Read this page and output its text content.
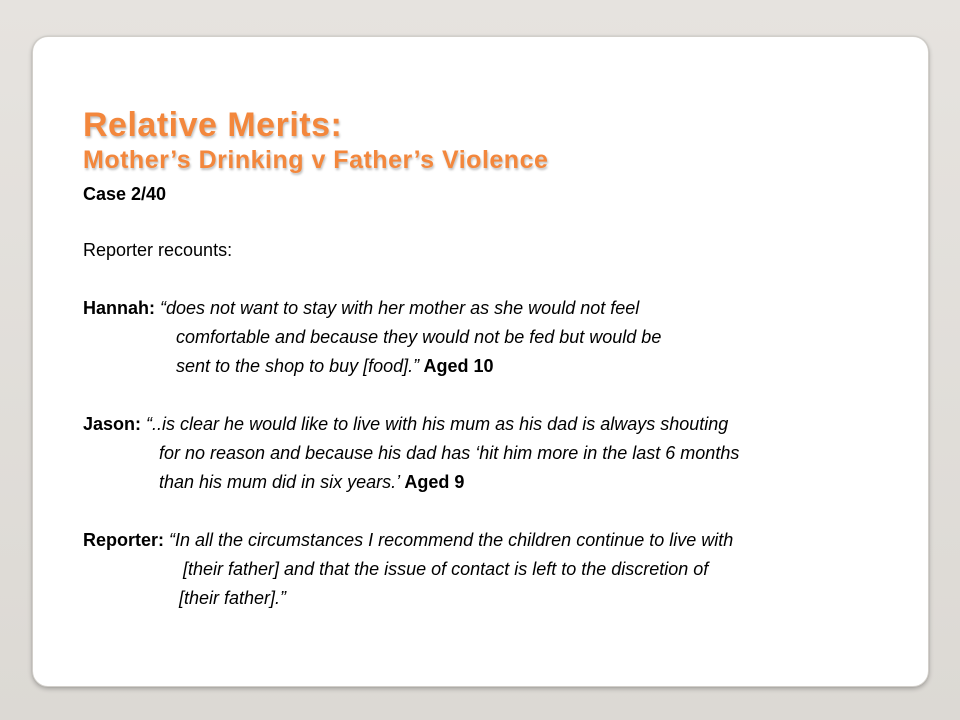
Relative Merits:
Mother’s Drinking v Father’s Violence
Case 2/40
Reporter recounts:
Hannah: “does not want to stay with her mother as she would not feel
comfortable and because they would not be fed but would be
sent to the shop to buy [food].” Aged 10
Jason: “..is clear he would like to live with his mum as his dad is always shouting
for no reason and because his dad has ‘hit him more in the last 6 months
than his mum did in six years.’ Aged 9
Reporter: “In all the circumstances I recommend the children continue to live with
[their father] and that the issue of contact is left to the discretion of
[their father].”
